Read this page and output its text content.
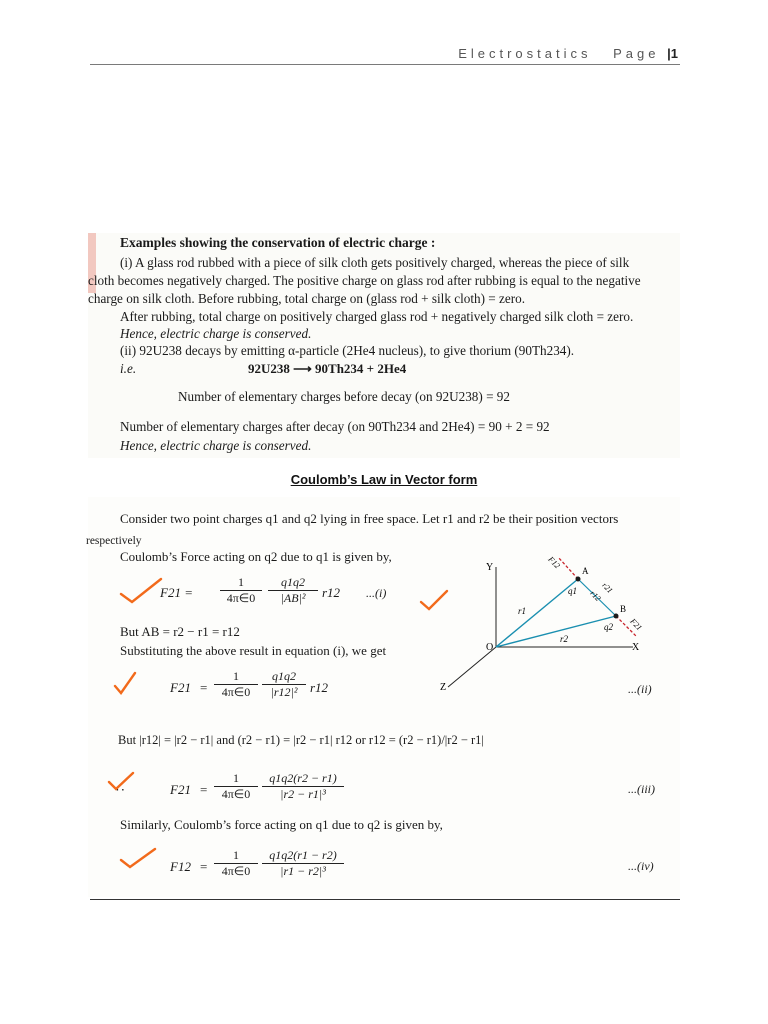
Electrostatics Page |1
Examples showing the conservation of electric charge :
(i) A glass rod rubbed with a piece of silk cloth gets positively charged, whereas the piece of silk
cloth becomes negatively charged. The positive charge on glass rod after rubbing is equal to the negative
charge on silk cloth. Before rubbing, total charge on (glass rod + silk cloth) = zero.
After rubbing, total charge on positively charged glass rod + negatively charged silk cloth = zero.
Hence, electric charge is conserved.
(ii) 92U238 decays by emitting α-particle (2He4 nucleus), to give thorium (90Th234).
i.e.	92U238 ⟶ 90Th234 + 2He4
Number of elementary charges before decay (on 92U238) = 92
Number of elementary charges after decay (on 90Th234 and 2He4) = 90 + 2 = 92
Hence, electric charge is conserved.
Coulomb’s Law in Vector form
Consider two point charges q1 and q2 lying in free space. Let r1 and r2 be their position vectors
respectively
Coulomb’s Force acting on q2 due to q1 is given by,
$F21 = \frac{1}{4\pi\in 0} \frac{q1q2}{\text{|AB|²}} r12$ ...(i)
But AB = r2 − r1 = r12
Substituting the above result in equation (i), we get
$F21 = \frac{1}{4\pi\in 0} \frac{q1q2}{\text{|r12|²}} r12$	...(ii)
But |r12| = |r2 − r1| and (r2 − r1) = |r2 − r1| r12 or r12 = (r2 − r1)/|r2 − r1|
∴	$F21 = \frac{1}{4\pi\in 0} \frac{q1q2(r2 - r1)}{\text{|r2 − r1|³}}$	...(iii)
Similarly, Coulomb’s force acting on q1 due to q2 is given by,
$F12 = \frac{1}{4\pi\in 0} \frac{q1q2(r1 - r2)}{\text{|r1 − r2|³}}$	...(iv)
Y
X
Z
O
A
B
q1
q2
r1
r2
F12
F21
r12
r21
